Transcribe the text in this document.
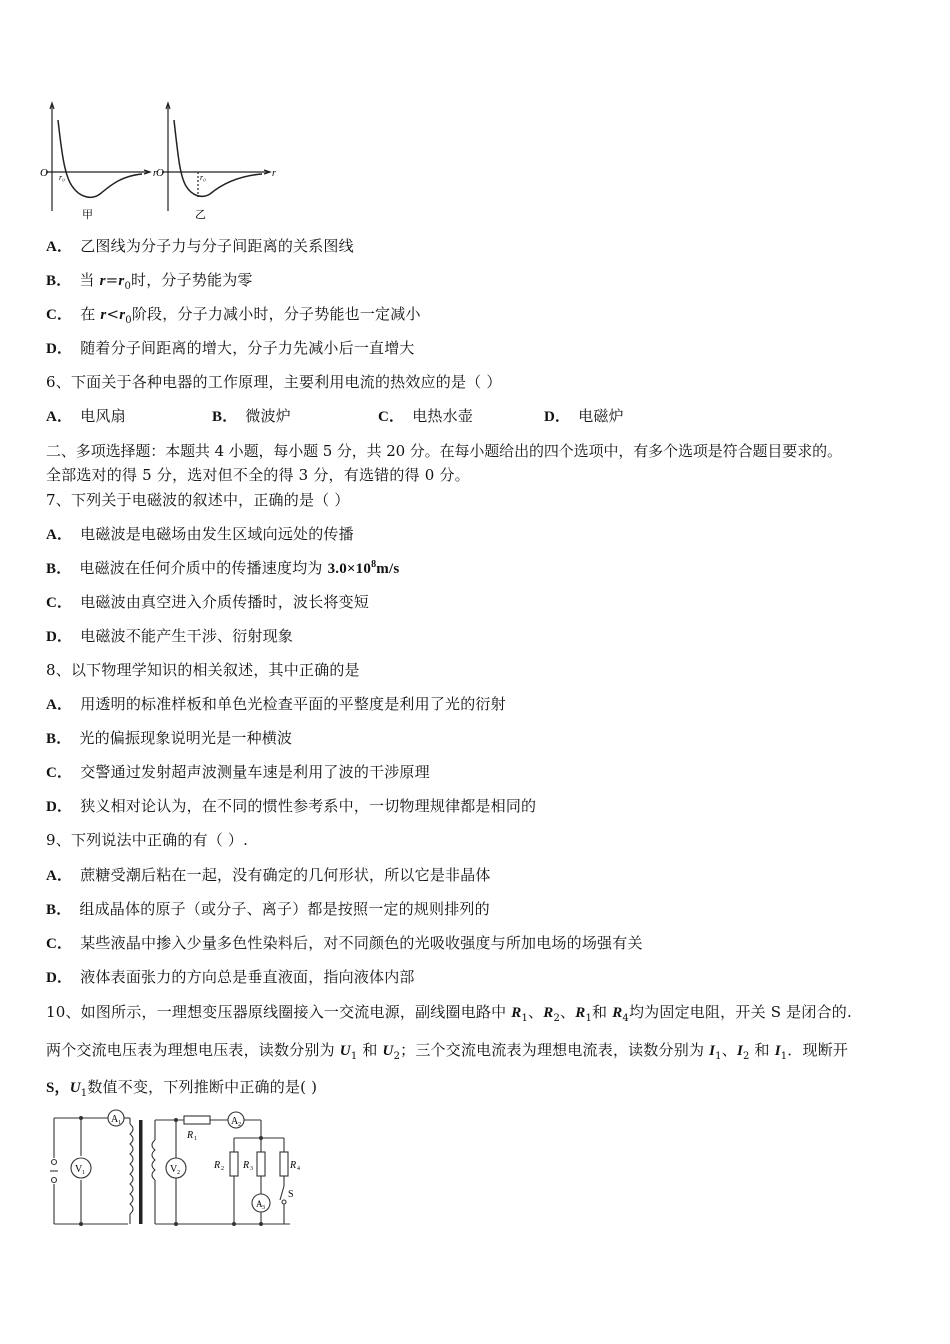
O r₀	r
甲
O	r₀	r
乙
A． 乙图线为分子力与分子间距离的关系图线
B． 当 $r=r_0$时，分子势能为零
C． 在 $r<r_0$阶段，分子力减小时，分子势能也一定减小
D． 随着分子间距离的增大，分子力先减小后一直增大
6、下面关于各种电器的工作原理，主要利用电流的热效应的是（ ）
A． 电风扇	B． 微波炉	C． 电热水壶	D． 电磁炉
二、多项选择题：本题共 4 小题，每小题 5 分，共 20 分。在每小题给出的四个选项中，有多个选项是符合题目要求的。
全部选对的得 5 分，选对但不全的得 3 分，有选错的得 0 分。
7、下列关于电磁波的叙述中，正确的是（ ）
A． 电磁波是电磁场由发生区域向远处的传播
B． 电磁波在任何介质中的传播速度均为 $3.0\times 10^8m/s$
C． 电磁波由真空进入介质传播时，波长将变短
D． 电磁波不能产生干涉、衍射现象
8、以下物理学知识的相关叙述，其中正确的是
A． 用透明的标准样板和单色光检查平面的平整度是利用了光的衍射
B． 光的偏振现象说明光是一种横波
C． 交警通过发射超声波测量车速是利用了波的干涉原理
D． 狭义相对论认为，在不同的惯性参考系中，一切物理规律都是相同的
9、下列说法中正确的有（ ）.
A． 蔗糖受潮后粘在一起，没有确定的几何形状，所以它是非晶体
B． 组成晶体的原子（或分子、离子）都是按照一定的规则排列的
C． 某些液晶中掺入少量多色性染料后，对不同颜色的光吸收强度与所加电场的场强有关
D． 液体表面张力的方向总是垂直液面，指向液体内部
10、如图所示，一理想变压器原线圈接入一交流电源，副线圈电路中 $R_1$、$R_2$、$R_1$和 $R_4$均为固定电阻，开关 S 是闭合的.
两个交流电压表为理想电压表，读数分别为 $U_1$ 和 $U_2$；三个交流电流表为理想电流表，读数分别为 $I_1$、$I_2$ 和 $I_1$．现断开
S，$U_1$数值不变，下列推断中正确的是( )
A 1
V 1
A 2
V 2
A 3
R 1
R 2 R 3	R 4
S
